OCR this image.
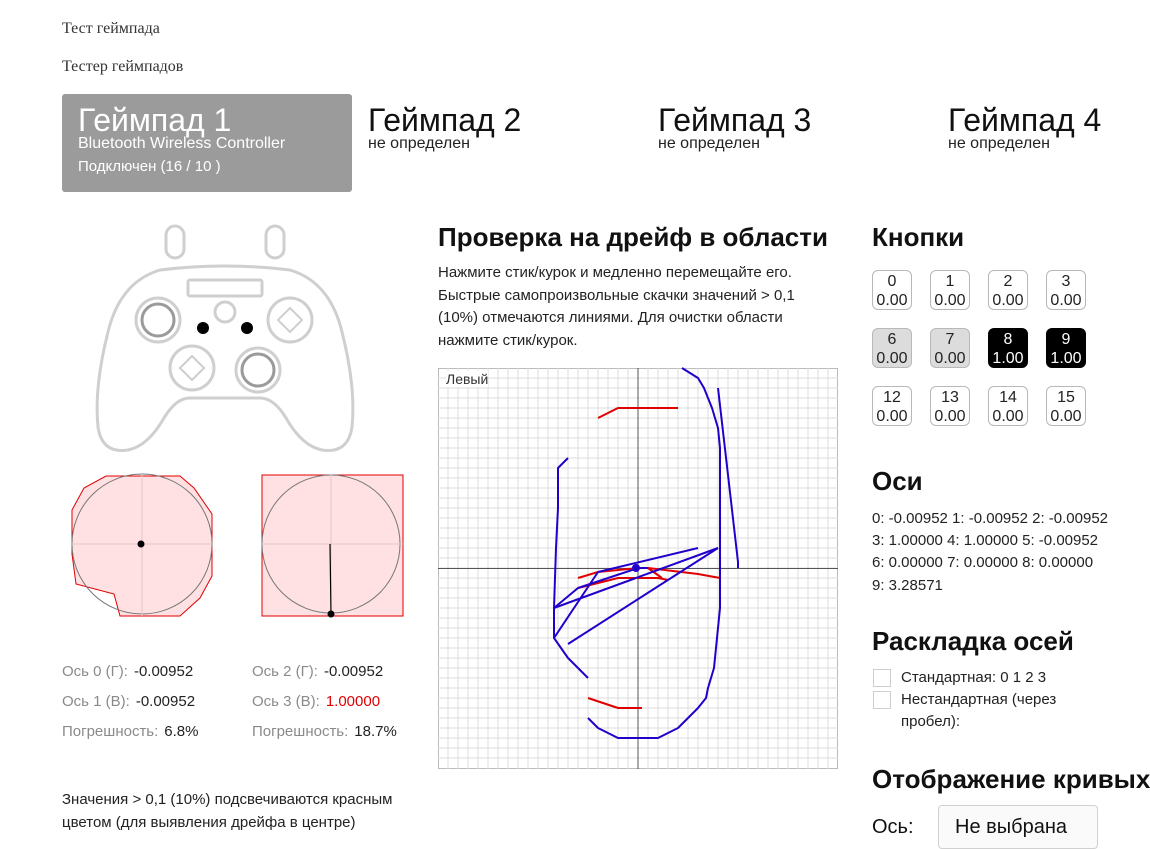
Тест геймпада
Тестер геймпадов
Геймпад 1
Bluetooth Wireless Controller
Подключен (16 / 10 )
Геймпад 2
не определен
Геймпад 3
не определен
Геймпад 4
не определен
Ось 0 (Г): -0.00952
Ось 1 (В): -0.00952
Погрешность: 6.8%
Ось 2 (Г): -0.00952
Ось 3 (В): 1.00000
Погрешность: 18.7%
Значения > 0,1 (10%) подсвечиваются красным цветом (для выявления дрейфа в центре)
Проверка на дрейф в области
Нажмите стик/курок и медленно перемещайте его. Быстрые самопроизвольные скачки значений > 0,1 (10%) отмечаются линиями. Для очистки области нажмите стик/курок.
Левый
Кнопки
0
0.00
1
0.00
2
0.00
3
0.00
6
0.00
7
0.00
8
1.00
9
1.00
12
0.00
13
0.00
14
0.00
15
0.00
Оси
0: -0.00952 1: -0.00952 2: -0.00952
3: 1.00000 4: 1.00000 5: -0.00952
6: 0.00000 7: 0.00000 8: 0.00000
9: 3.28571
Раскладка осей
Стандартная: 0 1 2 3
Нестандартная (через пробел):
Отображение кривых
Ось:	Не выбрана
